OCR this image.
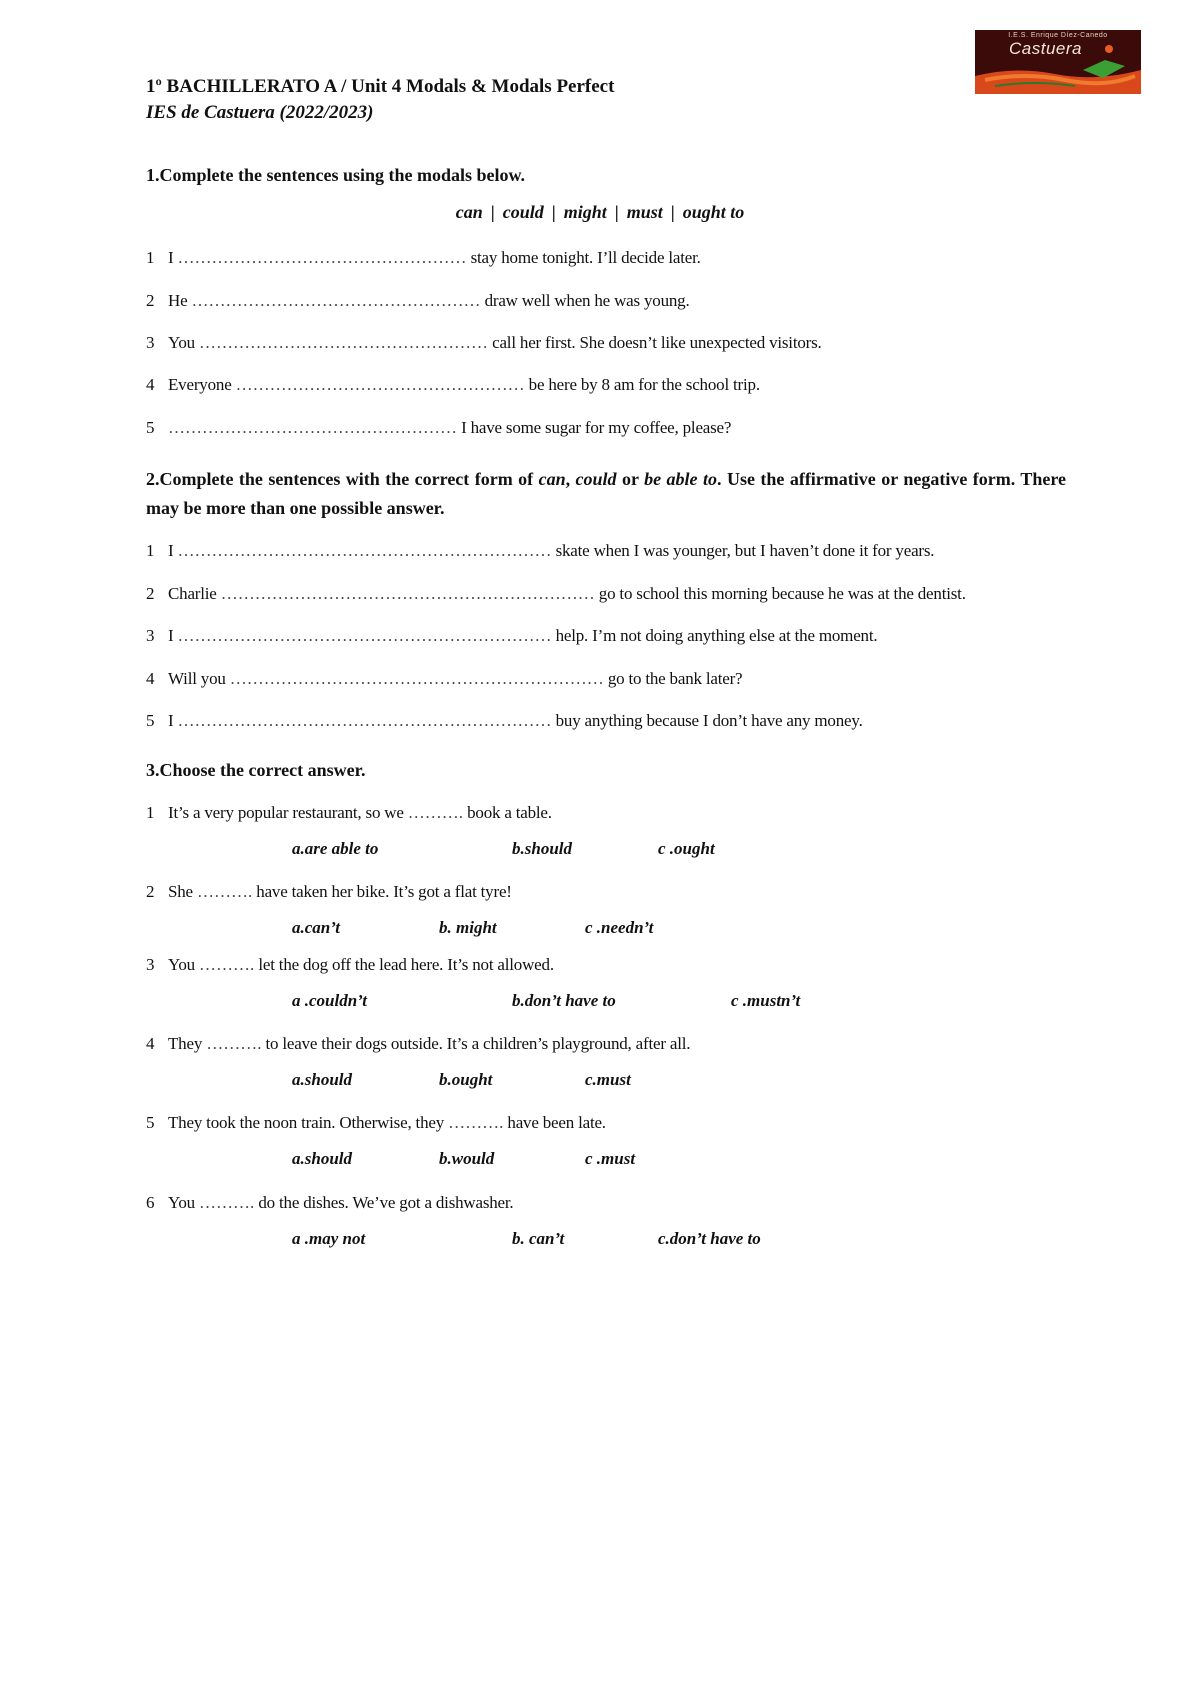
I.E.S. Enrique Díez-Canedo
Castuera
1º BACHILLERATO A / Unit 4 Modals & Modals Perfect
IES de Castuera (2022/2023)
1.Complete the sentences using the modals below.
can | could | might | must | ought to
1 I …………………………………………… stay home tonight. I’ll decide later.
2 He …………………………………………… draw well when he was young.
3 You …………………………………………… call her first. She doesn’t like unexpected visitors.
4 Everyone …………………………………………… be here by 8 am for the school trip.
5 …………………………………………… I have some sugar for my coffee, please?
2.Complete the sentences with the correct form of can, could or be able to. Use the affirmative or negative form. There may be more than one possible answer.
1 I ………………………………………………………… skate when I was younger, but I haven’t done it for years.
2 Charlie ………………………………………………………… go to school this morning because he was at the dentist.
3 I ………………………………………………………… help. I’m not doing anything else at the moment.
4 Will you ………………………………………………………… go to the bank later?
5 I ………………………………………………………… buy anything because I don’t have any money.
3.Choose the correct answer.
1 It’s a very popular restaurant, so we ………. book a table.
a.are able to	b.should	c .ought
2 She ………. have taken her bike. It’s got a flat tyre!
a.can’t	b. might	c .needn’t
3 You ………. let the dog off the lead here. It’s not allowed.
a .couldn’t	b.don’t have to	c .mustn’t
4 They ………. to leave their dogs outside. It’s a children’s playground, after all.
a.should	b.ought	c.must
5 They took the noon train. Otherwise, they ………. have been late.
a.should	b.would	c .must
6 You ………. do the dishes. We’ve got a dishwasher.
a .may not	b. can’t	c.don’t have to
